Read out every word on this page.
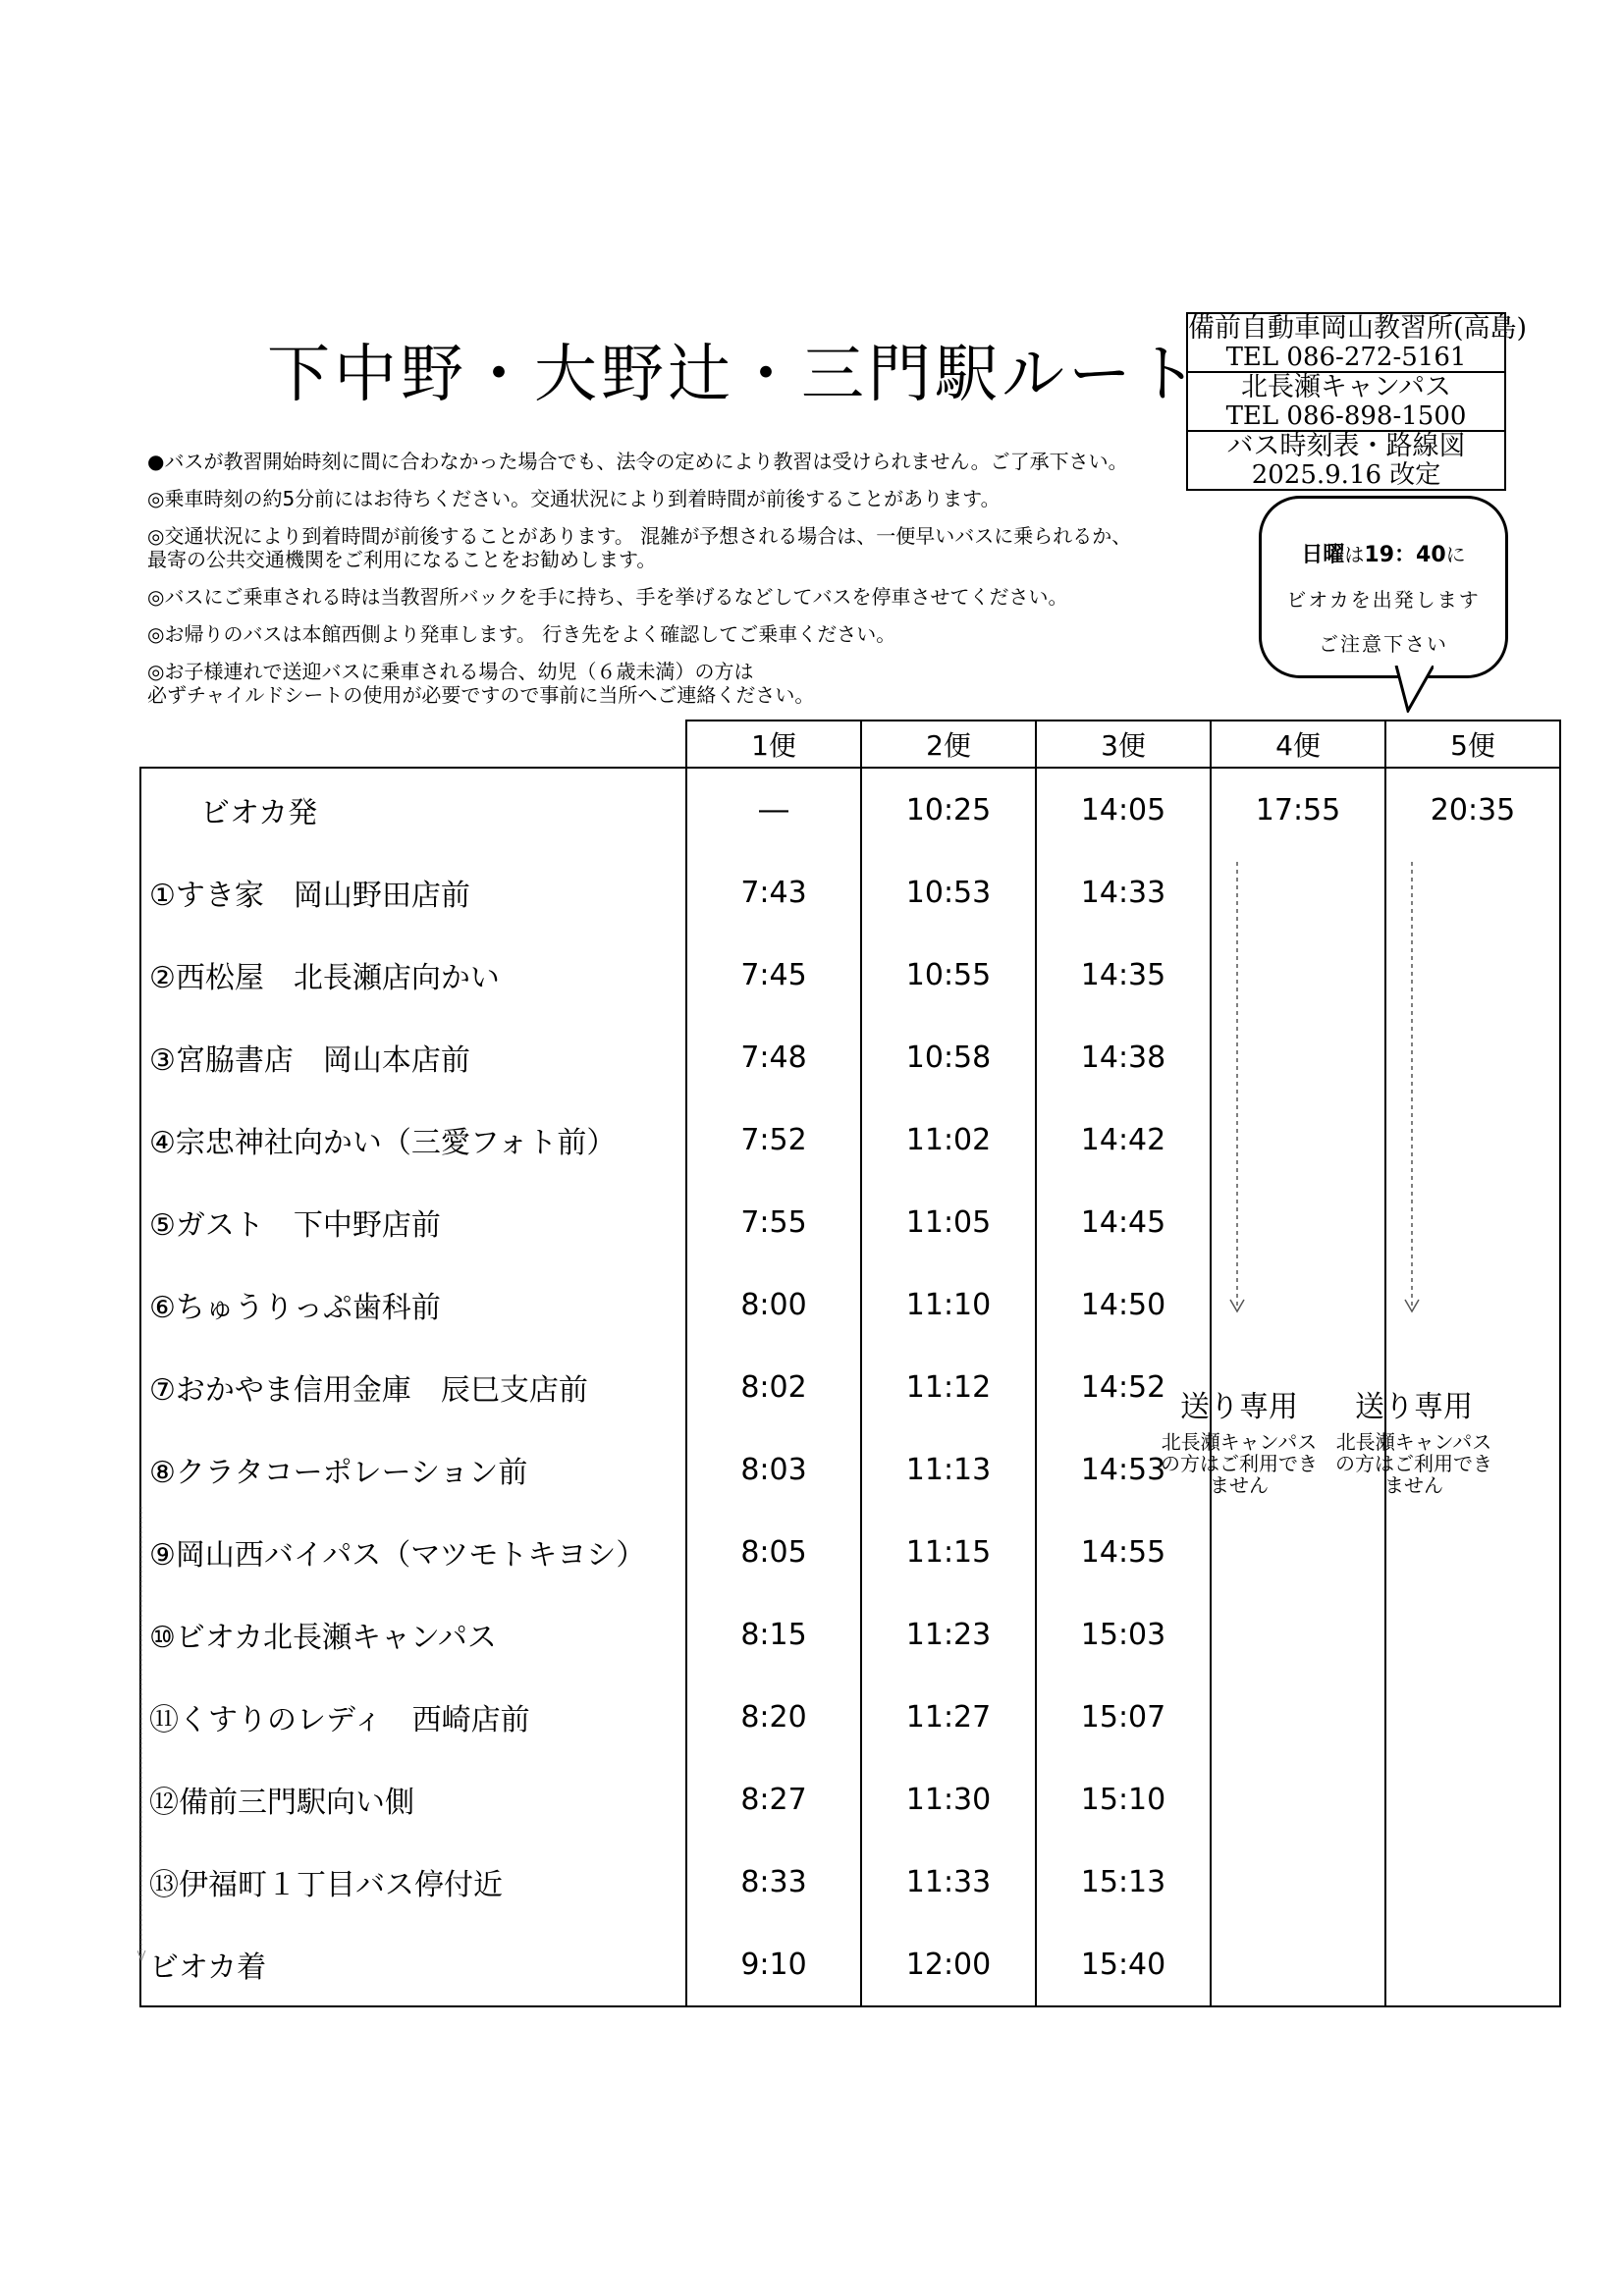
下中野・大野辻・三門駅ルート
備前自動車岡山教習所(高島)
TEL 086-272-5161
北長瀬キャンパス
TEL 086-898-1500
バス時刻表・路線図
2025.9.16 改定

●バスが教習開始時刻に間に合わなかった場合でも、法令の定めにより教習は受けられません。ご了承下さい。

◎乗車時刻の約5分前にはお待ちください。交通状況により到着時間が前後することがあります。

◎交通状況により到着時間が前後することがあります。 混雑が予想される場合は、一便早いバスに乗られるか、
最寄の公共交通機関をご利用になることをお勧めします。

◎バスにご乗車される時は当教習所バックを手に持ち、手を挙げるなどしてバスを停車させてください。

◎お帰りのバスは本館西側より発車します。 行き先をよく確認してご乗車ください。

◎お子様連れで送迎バスに乗車される場合、幼児（６歳未満）の方は
必ずチャイルドシートの使用が必要ですので事前に当所へご連絡ください。

日曜は19：40に
ビオカを出発します
ご注意下さい
	1便	2便	3便	4便	5便
ビオカ発	―	10:25	14:05	17:55	20:35
①すき家　岡山野田店前	7:43	10:53	14:33		
②西松屋　北長瀬店向かい	7:45	10:55	14:35		
③宮脇書店　岡山本店前	7:48	10:58	14:38		
④宗忠神社向かい（三愛フォト前）	7:52	11:02	14:42		
⑤ガスト　下中野店前	7:55	11:05	14:45		
⑥ちゅうりっぷ歯科前	8:00	11:10	14:50		
⑦おかやま信用金庫　辰巳支店前	8:02	11:12	14:52		
⑧クラタコーポレーション前	8:03	11:13	14:53		
⑨岡山西バイパス（マツモトキヨシ）	8:05	11:15	14:55		
⑩ビオカ北長瀬キャンパス	8:15	11:23	15:03		
⑪くすりのレディ　西崎店前	8:20	11:27	15:07		
⑫備前三門駅向い側	8:27	11:30	15:10		
⑬伊福町１丁目バス停付近	8:33	11:33	15:13		
ビオカ着	9:10	12:00	15:40		
送り専用
北長瀬キャンパスの方はご利用できません
送り専用
北長瀬キャンパスの方はご利用できません
